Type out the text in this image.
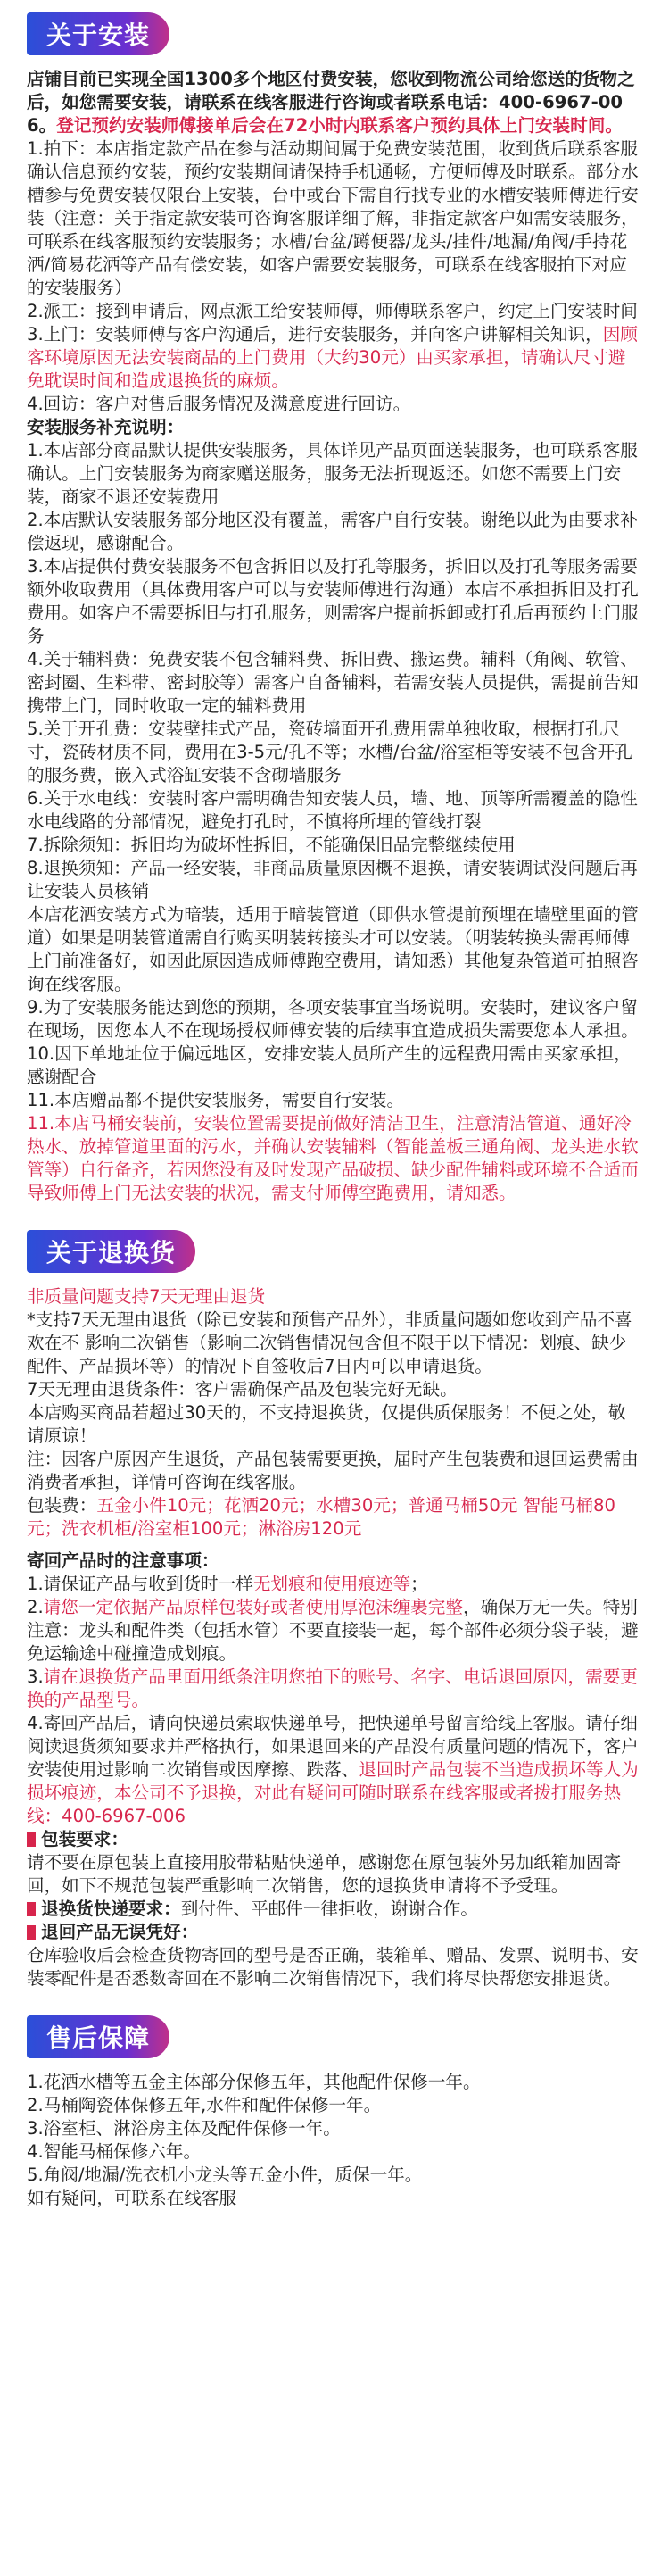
关于安装

店铺目前已实现全国1300多个地区付费安装，您收到物流公司给您送的货物之后，如您需要安装，请联系在线客服进行咨询或者联系电话：400-6967-006。登记预约安装师傅接单后会在72小时内联系客户预约具体上门安装时间。

1.拍下：本店指定款产品在参与活动期间属于免费安装范围，收到货后联系客服确认信息预约安装，预约安装期间请保持手机通畅，方便师傅及时联系。部分水槽参与免费安装仅限台上安装，台中或台下需自行找专业的水槽安装师傅进行安装（注意：关于指定款安装可咨询客服详细了解，非指定款客户如需安装服务，可联系在线客服预约安装服务；水槽/台盆/蹲便器/龙头/挂件/地漏/角阀/手持花洒/简易花洒等产品有偿安装，如客户需要安装服务，可联系在线客服拍下对应的安装服务）

2.派工：接到申请后，网点派工给安装师傅，师傅联系客户，约定上门安装时间

3.上门：安装师傅与客户沟通后，进行安装服务，并向客户讲解相关知识，因顾客环境原因无法安装商品的上门费用（大约30元）由买家承担，请确认尺寸避免耽误时间和造成退换货的麻烦。

4.回访：客户对售后服务情况及满意度进行回访。

安装服务补充说明：

1.本店部分商品默认提供安装服务，具体详见产品页面送装服务，也可联系客服确认。上门安装服务为商家赠送服务，服务无法折现返还。如您不需要上门安装，商家不退还安装费用

2.本店默认安装服务部分地区没有覆盖，需客户自行安装。谢绝以此为由要求补偿返现，感谢配合。

3.本店提供付费安装服务不包含拆旧以及打孔等服务，拆旧以及打孔等服务需要额外收取费用（具体费用客户可以与安装师傅进行沟通）本店不承担拆旧及打孔费用。如客户不需要拆旧与打孔服务，则需客户提前拆卸或打孔后再预约上门服务

4.关于辅料费：免费安装不包含辅料费、拆旧费、搬运费。辅料（角阀、软管、密封圈、生料带、密封胶等）需客户自备辅料，若需安装人员提供，需提前告知携带上门，同时收取一定的辅料费用

5.关于开孔费：安装壁挂式产品，瓷砖墙面开孔费用需单独收取，根据打孔尺寸，瓷砖材质不同，费用在3-5元/孔不等；水槽/台盆/浴室柜等安装不包含开孔的服务费，嵌入式浴缸安装不含砌墙服务

6.关于水电线：安装时客户需明确告知安装人员，墙、地、顶等所需覆盖的隐性水电线路的分部情况，避免打孔时，不慎将所埋的管线打裂

7.拆除须知：拆旧均为破坏性拆旧，不能确保旧品完整继续使用

8.退换须知：产品一经安装，非商品质量原因概不退换，请安装调试没问题后再让安装人员核销
本店花洒安装方式为暗装，适用于暗装管道（即供水管提前预埋在墙壁里面的管道）如果是明装管道需自行购买明装转接头才可以安装。（明装转换头需再师傅上门前准备好，如因此原因造成师傅跑空费用，请知悉）其他复杂管道可拍照咨询在线客服。

9.为了安装服务能达到您的预期，各项安装事宜当场说明。安装时，建议客户留在现场，因您本人不在现场授权师傅安装的后续事宜造成损失需要您本人承担。

10.因下单地址位于偏远地区，安排安装人员所产生的远程费用需由买家承担，感谢配合

11.本店赠品都不提供安装服务，需要自行安装。

11.本店马桶安装前，安装位置需要提前做好清洁卫生，注意清洁管道、通好冷热水、放掉管道里面的污水，并确认安装辅料（智能盖板三通角阀、龙头进水软管等）自行备齐，若因您没有及时发现产品破损、缺少配件辅料或环境不合适而导致师傅上门无法安装的状况，需支付师傅空跑费用，请知悉。

关于退换货

非质量问题支持7天无理由退货

*支持7天无理由退货（除已安装和预售产品外），非质量问题如您收到产品不喜欢在不 影响二次销售（影响二次销售情况包含但不限于以下情况：划痕、缺少配件、产品损坏等）的情况下自签收后7日内可以申请退货。
7天无理由退货条件：客户需确保产品及包装完好无缺。
本店购买商品若超过30天的，不支持退换货，仅提供质保服务！不便之处，敬请原谅！
注：因客户原因产生退货，产品包装需要更换，届时产生包装费和退回运费需由消费者承担，详情可咨询在线客服。

包装费：五金小件10元；花洒20元；水槽30元；普通马桶50元 智能马桶80元；洗衣机柜/浴室柜100元；淋浴房120元

寄回产品时的注意事项：

1.请保证产品与收到货时一样无划痕和使用痕迹等；

2.请您一定依据产品原样包装好或者使用厚泡沫缠裹完整，确保万无一失。特别注意：龙头和配件类（包括水管）不要直接装一起，每个部件必须分袋子装，避免运输途中碰撞造成划痕。

3.请在退换货产品里面用纸条注明您拍下的账号、名字、电话退回原因，需要更换的产品型号。

4.寄回产品后，请向快递员索取快递单号，把快递单号留言给线上客服。请仔细阅读退货须知要求并严格执行，如果退回来的产品没有质量问题的情况下，客户安装使用过影响二次销售或因摩擦、跌落、退回时产品包装不当造成损坏等人为损坏痕迹，本公司不予退换，对此有疑问可随时联系在线客服或者拨打服务热线：400-6967-006

包装要求：

请不要在原包装上直接用胶带粘贴快递单，感谢您在原包装外另加纸箱加固寄回，如下不规范包装严重影响二次销售，您的退换货申请将不予受理。

退换货快递要求：到付件、平邮件一律拒收，谢谢合作。

退回产品无误凭好：

仓库验收后会检查货物寄回的型号是否正确，装箱单、赠品、发票、说明书、安装零配件是否悉数寄回在不影响二次销售情况下，我们将尽快帮您安排退货。

售后保障

1.花洒水槽等五金主体部分保修五年，其他配件保修一年。

2.马桶陶瓷体保修五年,水件和配件保修一年。

3.浴室柜、淋浴房主体及配件保修一年。

4.智能马桶保修六年。

5.角阀/地漏/洗衣机小龙头等五金小件，质保一年。

如有疑问，可联系在线客服
